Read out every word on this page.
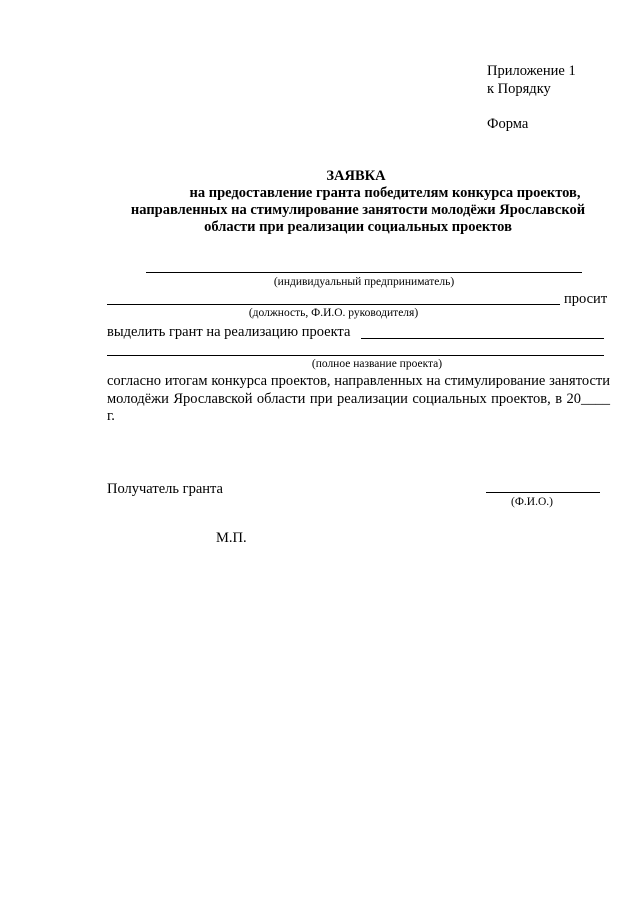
Приложение 1
к Порядку
Форма
ЗАЯВКА
на предоставление гранта победителям конкурса проектов,
направленных на стимулирование занятости молодёжи Ярославской
области при реализации социальных проектов
(индивидуальный предприниматель)
просит
(должность, Ф.И.О. руководителя)
выделить грант на реализацию проекта
(полное название проекта)
согласно итогам конкурса проектов, направленных на стимулирование занятости молодёжи Ярославской области при реализации социальных проектов, в 20____ г.
Получатель гранта
(Ф.И.О.)
М.П.
